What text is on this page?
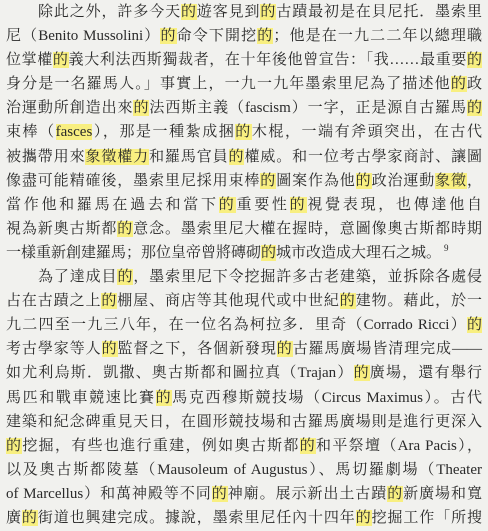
除此之外，許多今天的遊客見到的古蹟最初是在貝尼托．墨索里
尼（Benito Mussolini）的命令下開挖的；他是在一九二二年以總理職
位掌權的義大利法西斯獨裁者，在十年後他曾宣告：「我……最重要的
身分是一名羅馬人。」事實上，一九一九年墨索里尼為了描述他的政
治運動所創造出來的法西斯主義（fascism）一字，正是源自古羅馬的
束棒（fasces），那是一種紮成捆的木棍，一端有斧頭突出，在古代
被攜帶用來象徵權力和羅馬官員的權威。和一位考古學家商討、讓圖
像盡可能精確後，墨索里尼採用束棒的圖案作為他的政治運動象徵，
當作他和羅馬在過去和當下的重要性的視覺表現，也傳達他自
視為新奧古斯都的意念。墨索里尼大權在握時，意圖像奧古斯都時期
一樣重新創建羅馬；那位皇帝曾將磚砌的城市改造成大理石之城。 $^9$
為了達成目的，墨索里尼下令挖掘許多古老建築，並拆除各處侵
占在古蹟之上的棚屋、商店等其他現代或中世紀的建物。藉此，於一
九二四至一九三八年，在一位名為柯拉多．里奇（Corrado Ricci）的
考古學家等人的監督之下，各個新發現的古羅馬廣場皆清理完成——
如尤利烏斯．凱撒、奧古斯都和圖拉真（Trajan）的廣場，還有舉行
馬匹和戰車競速比賽的馬克西穆斯競技場（Circus Maximus）。古代
建築和紀念碑重見天日，在圓形競技場和古羅馬廣場則是進行更深入
的挖掘，有些也進行重建，例如奧古斯都的和平祭壇（Ara Pacis），
以及奧古斯都陵墓（Mausoleum of Augustus）、馬切羅劇場（Theater
of Marcellus）和萬神殿等不同的神廟。展示新出土古蹟的新廣場和寬
廣的街道也興建完成。據說，墨索里尼任內十四年的挖掘工作「所搜
